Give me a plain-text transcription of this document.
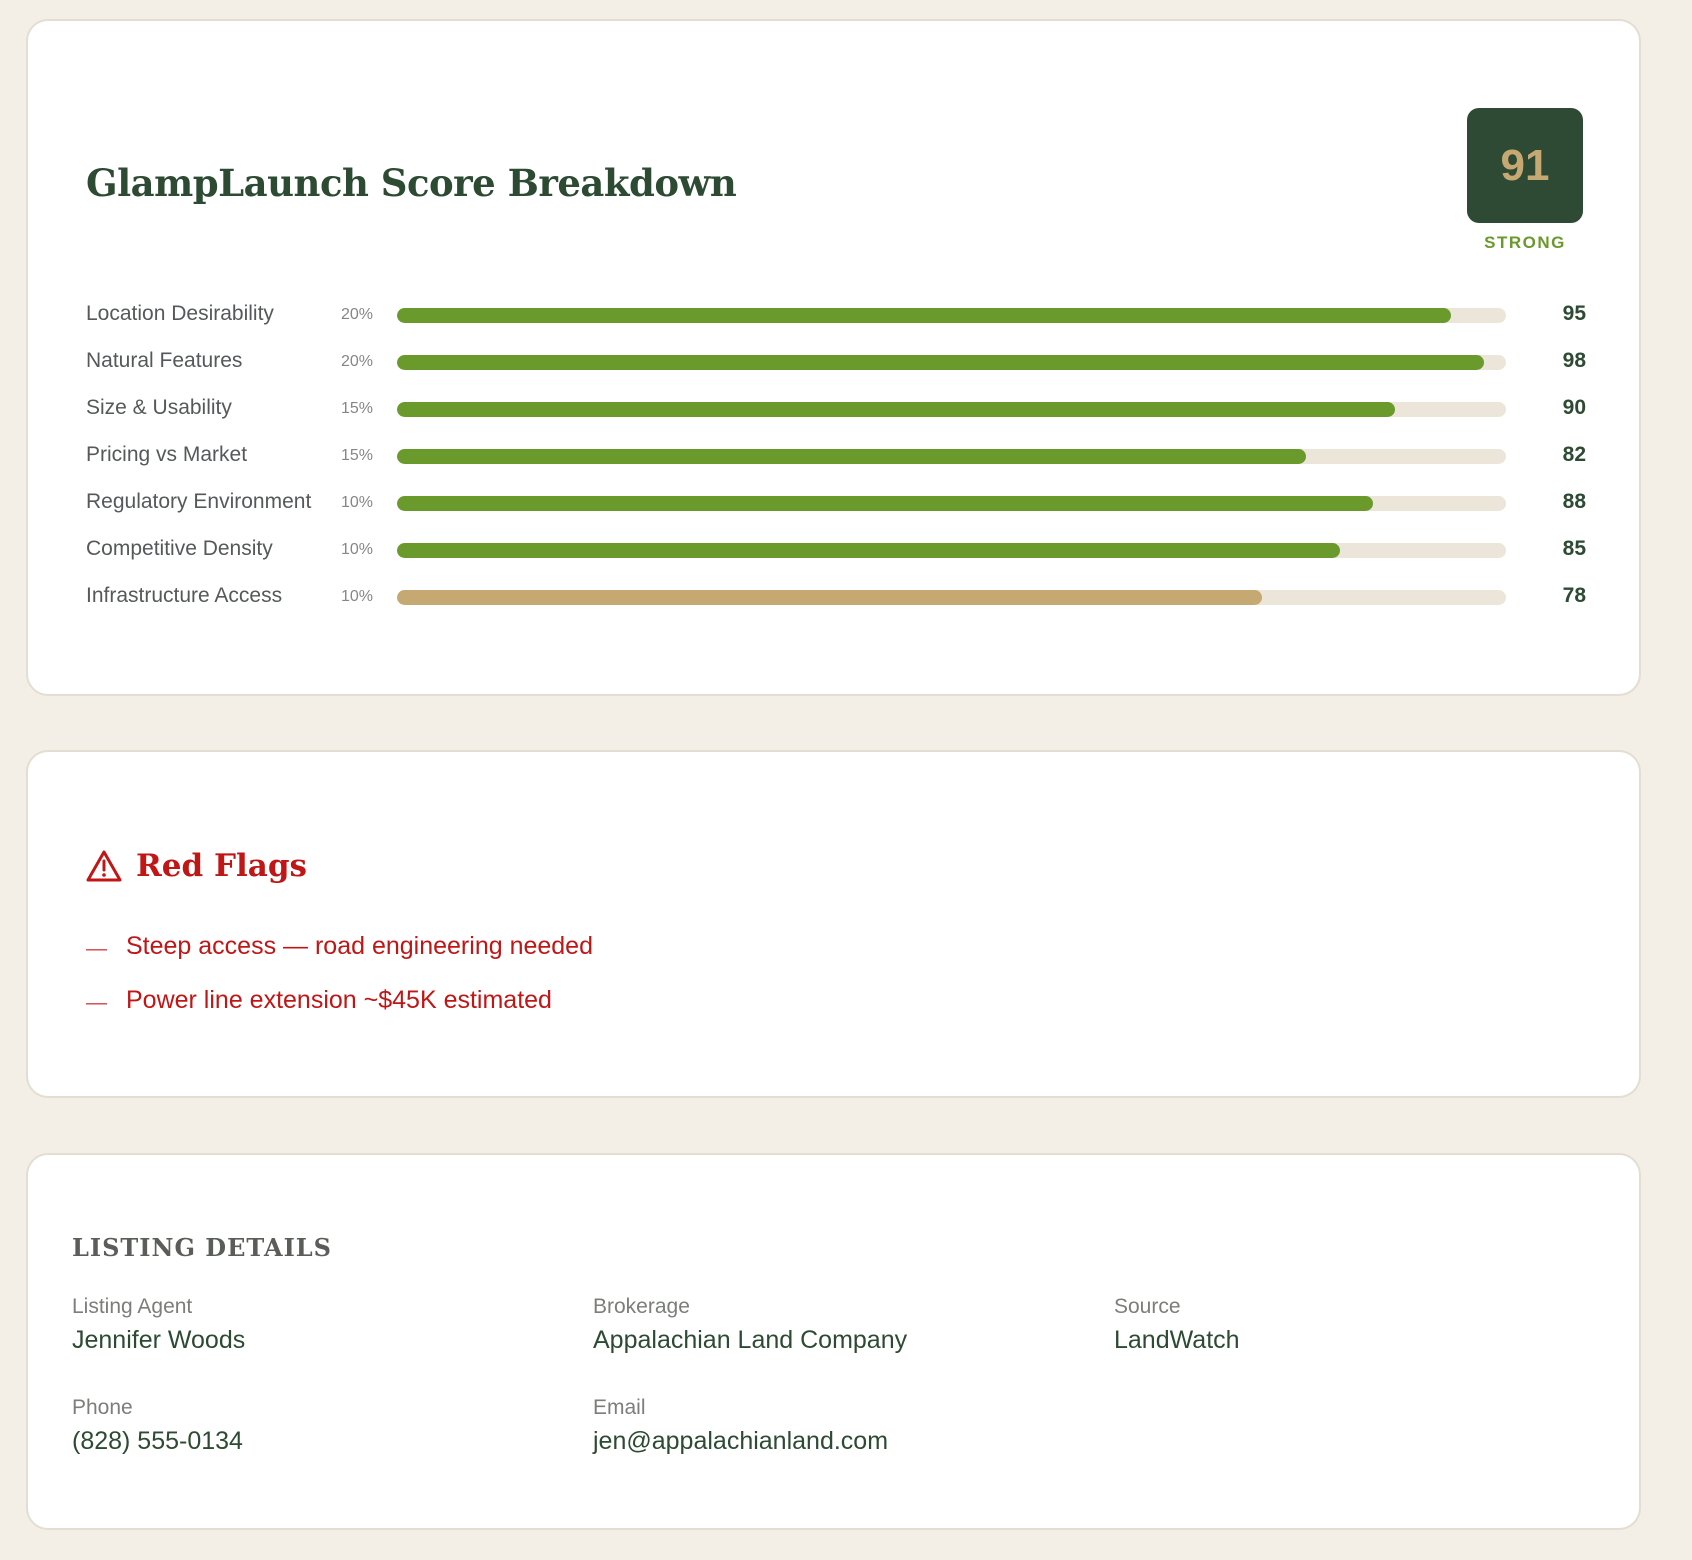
GlampLaunch Score Breakdown	91
STRONG
Location Desirability	20%	95
Natural Features	20%	98
Size & Usability	15%	90
Pricing vs Market	15%	82
Regulatory Environment	10%	88
Competitive Density	10%	85
Infrastructure Access	10%	78
Red Flags
— Steep access — road engineering needed
— Power line extension ~$45K estimated
LISTING DETAILS
Listing Agent
Jennifer Woods
Brokerage
Appalachian Land Company
Source
LandWatch
Phone
(828) 555-0134
Email
jen@appalachianland.com
